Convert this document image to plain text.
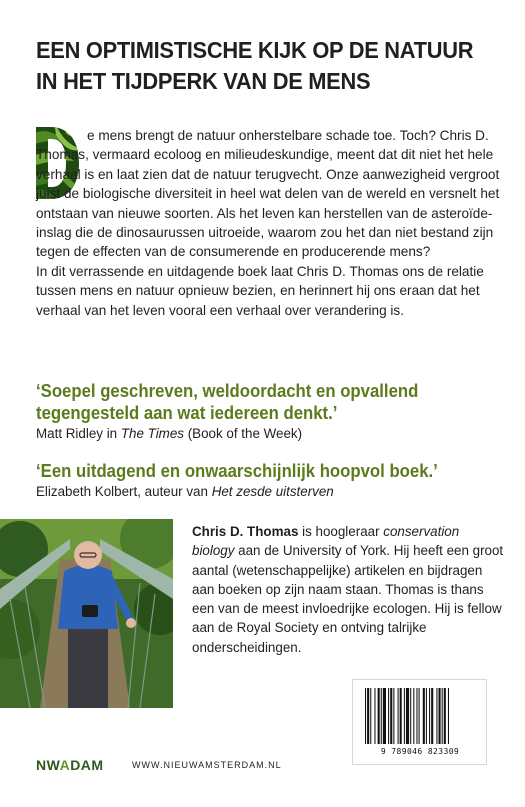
EEN OPTIMISTISCHE KIJK OP DE NATUUR
IN HET TIJDPERK VAN DE MENS

e mens brengt de natuur onherstelbare schade toe. Toch? Chris D. Thomas, vermaard ecoloog en milieudeskundige, meent dat dit niet het hele verhaal is en laat zien dat de natuur terugvecht. Onze aanwezigheid vergroot juist de biologische diversiteit in heel wat delen van de wereld en versnelt het ontstaan van nieuwe soorten. Als het leven kan herstellen van de asteroïde-inslag die de dinosaurussen uitroeide, waarom zou het dan niet bestand zijn tegen de effecten van de consumerende en producerende mens?

In dit verrassende en uitdagende boek laat Chris D. Thomas ons de relatie tussen mens en natuur opnieuw bezien, en herinnert hij ons eraan dat het verhaal van het leven vooral een verhaal over verandering is.

‘Soepel geschreven, weldoordacht en opvallend tegengesteld aan wat iedereen denkt.’
Matt Ridley in The Times (Book of the Week)
‘Een uitdagend en onwaarschijnlijk hoopvol boek.’
Elizabeth Kolbert, auteur van Het zesde uitsterven
Chris D. Thomas is hoogleraar conservation biology aan de University of York. Hij heeft een groot aantal (wetenschappelijke) artikelen en bijdragen aan boeken op zijn naam staan. Thomas is thans een van de meest invloedrijke ecologen. Hij is fellow aan de Royal Society en ontving talrijke onderscheidingen.
9 789046 823309
NWADAM	WWW.NIEUWAMSTERDAM.NL
